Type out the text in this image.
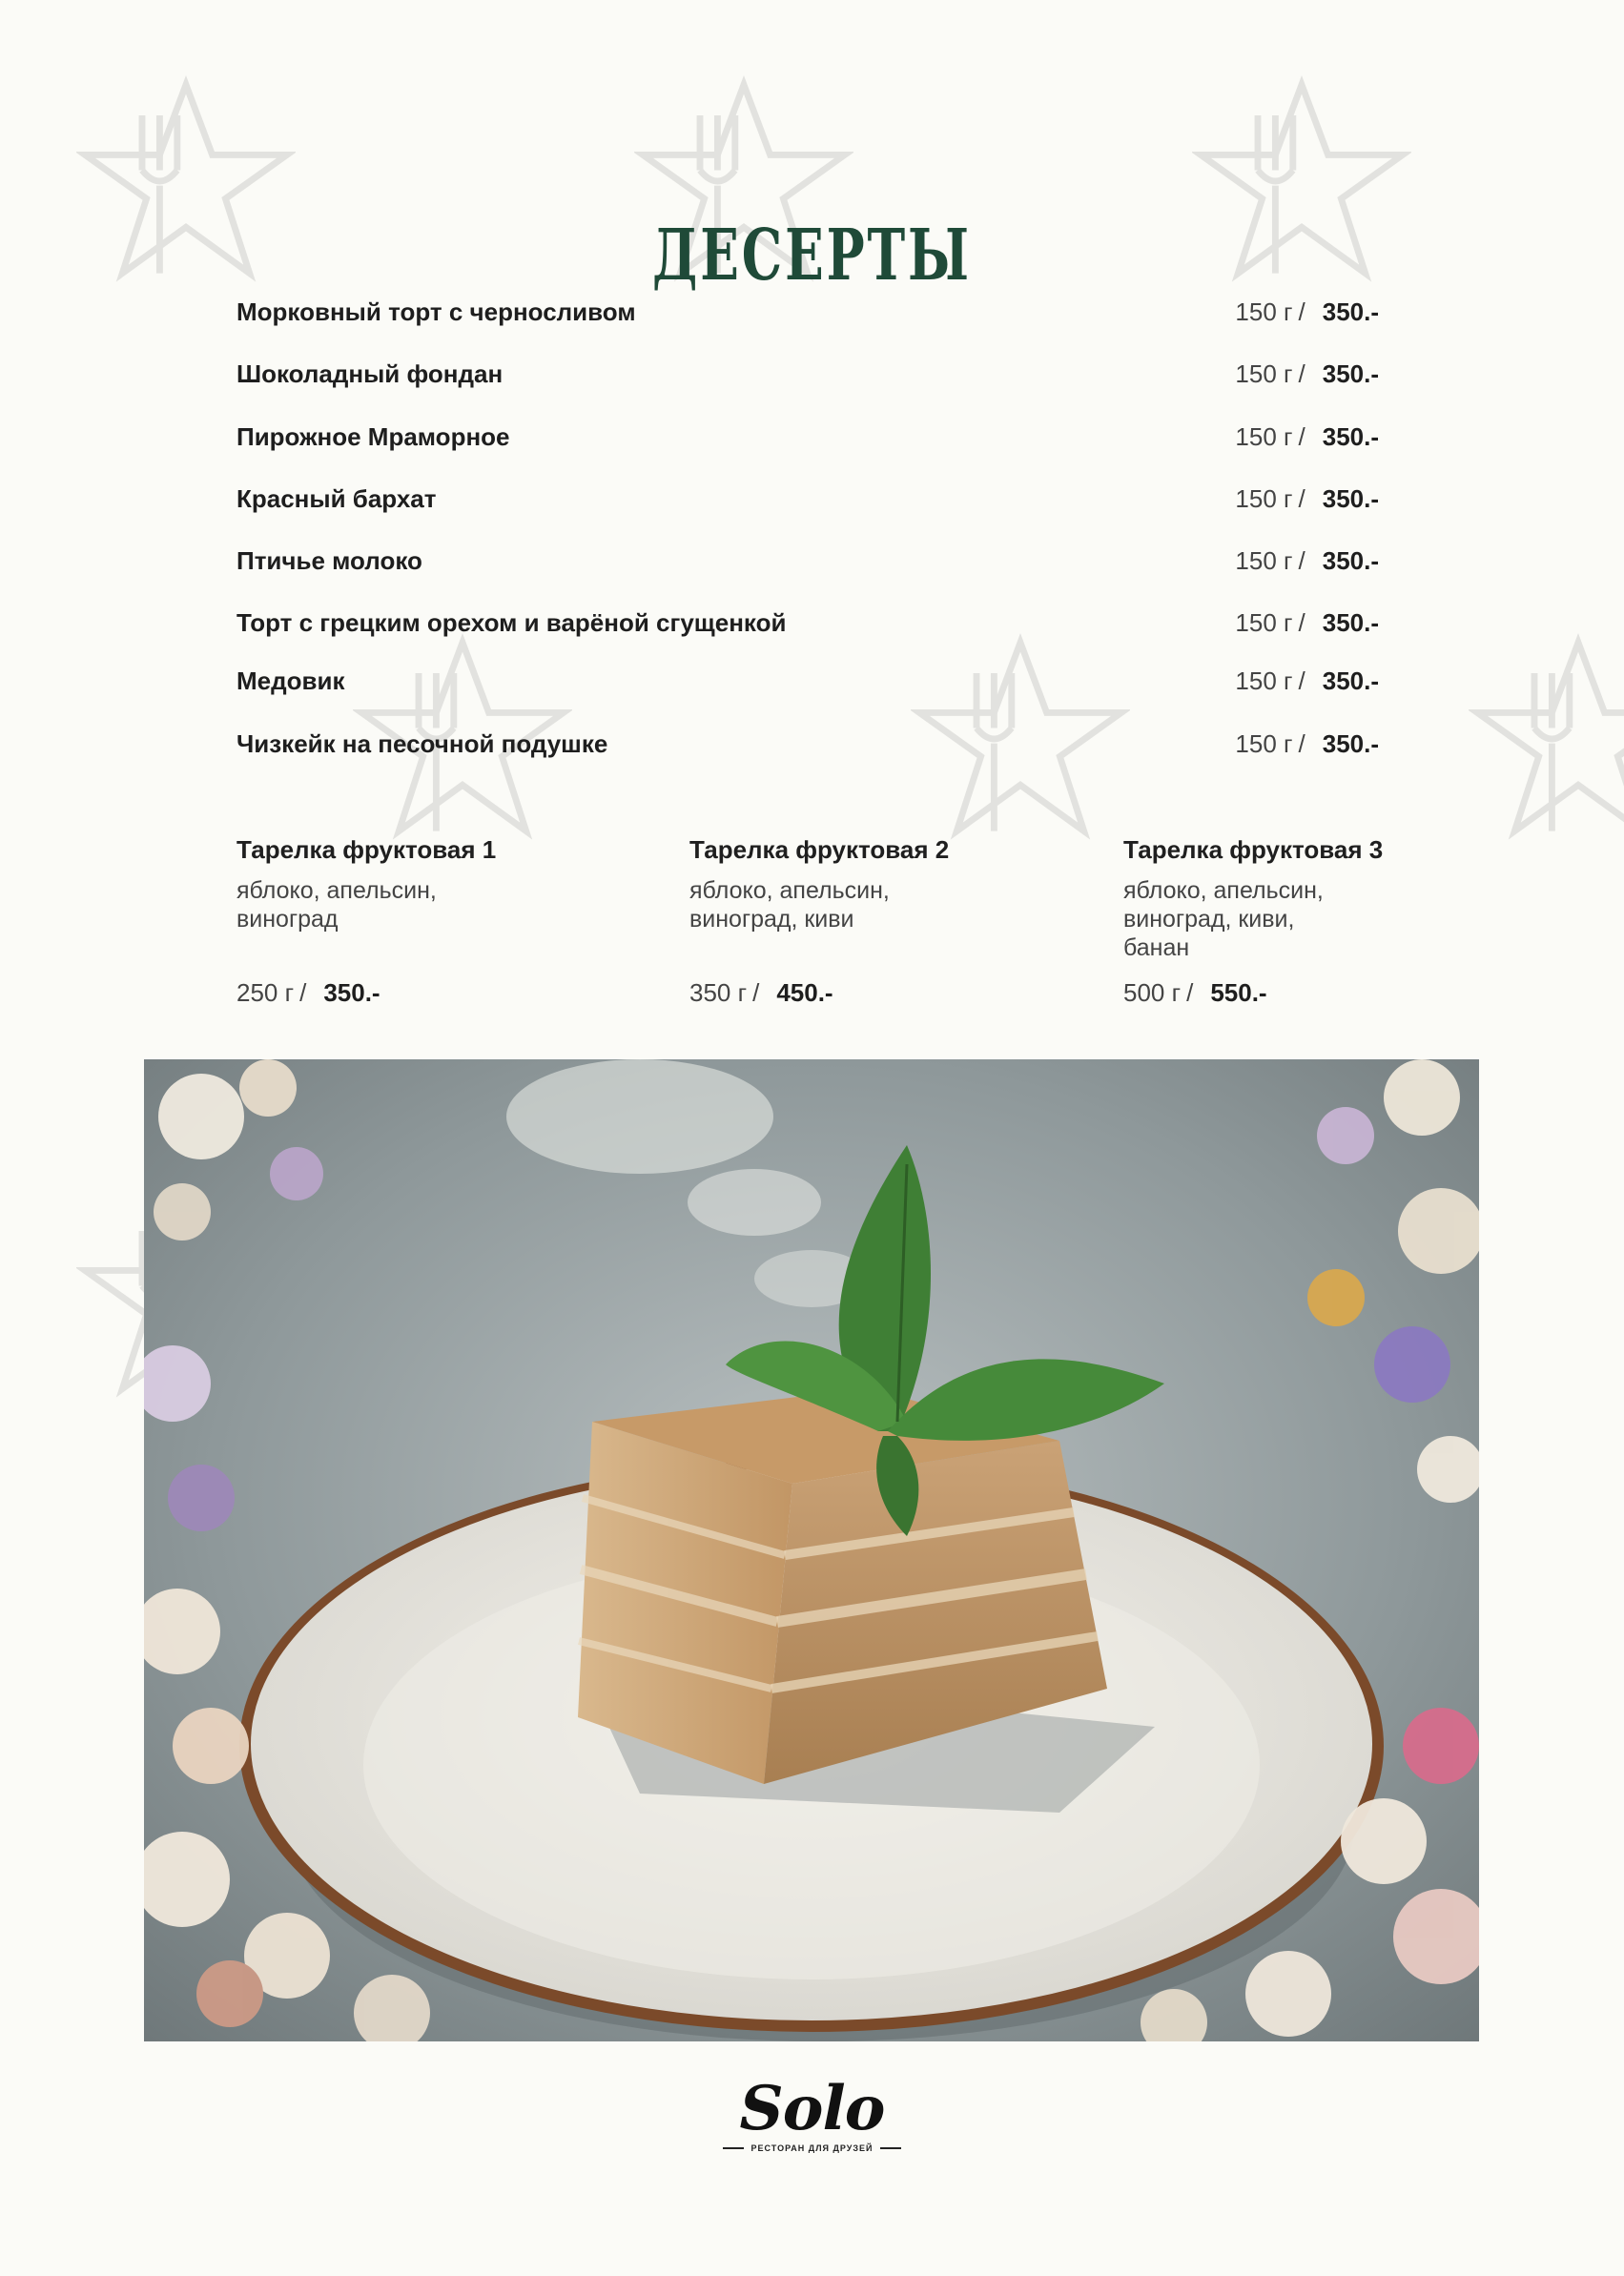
ДЕСЕРТЫ
Морковный торт с черносливом	150 г / 350.-
Шоколадный фондан	150 г / 350.-
Пирожное Мраморное	150 г / 350.-
Красный бархат	150 г / 350.-
Птичье молоко	150 г / 350.-
Торт с грецким орехом и варёной сгущенкой	150 г / 350.-
Медовик	150 г / 350.-
Чизкейк на песочной подушке	150 г / 350.-
Тарелка фруктовая 1
яблоко, апельсин, виноград
250 г / 350.-
Тарелка фруктовая 2
яблоко, апельсин, виноград, киви
350 г / 450.-
Тарелка фруктовая 3
яблоко, апельсин, виноград, киви, банан
500 г / 550.-
Solo
РЕСТОРАН ДЛЯ ДРУЗЕЙ
